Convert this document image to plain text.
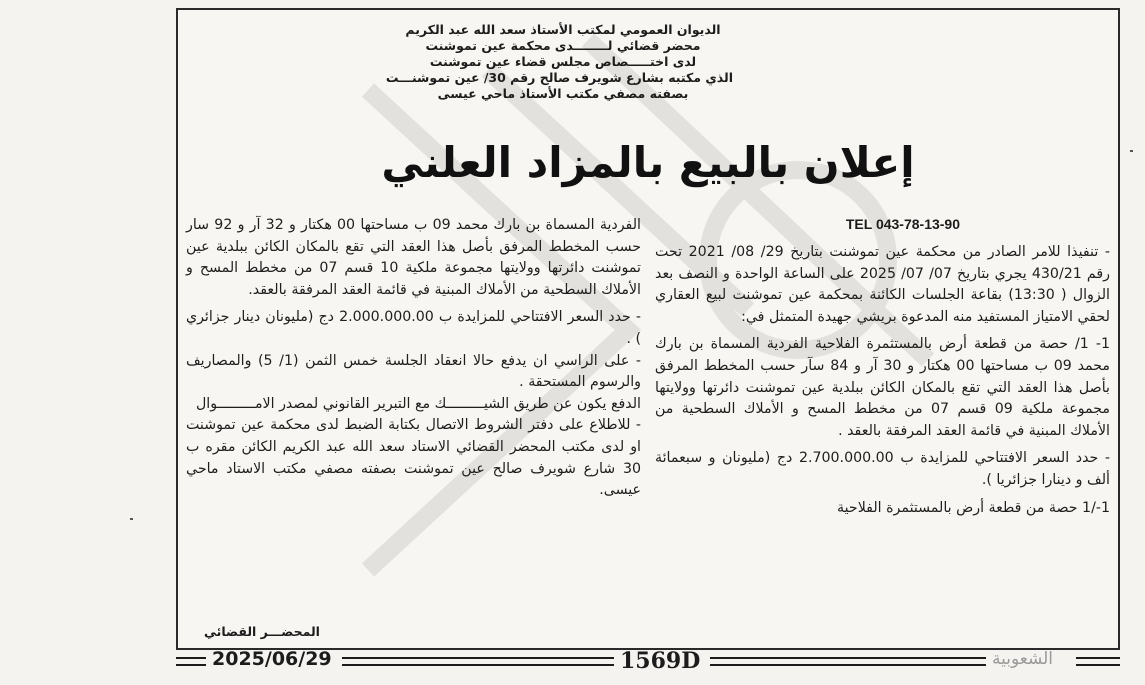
الديوان العمومي لمكتب الأستاذ سعد الله عبد الكريم
محضر قضائي لــــــــدى محكمة عين تموشنت
لدى اختـــــصاص مجلس قضاء عين تموشنت
الذي مكتبه بشارع شويرف صالح رقم 30/ عين تموشنـــت
بصفته مصفي مكتب الأستاذ ماحي عيسى
إعلان بالبيع بالمزاد العلني
TEL 043-78-13-90

- تنفيذا للامر الصادر من محكمة عين تموشنت بتاريخ 29/ 08/ 2021 تحت رقم 430/21 يجري بتاريخ 07/ 07/ 2025 على الساعة الواحدة و النصف بعد الزوال ( 13:30) بقاعة الجلسات الكائنة بمحكمة عين تموشنت لبيع العقاري لحقي الامتياز المستفيد منه المدعوة بريشي جهيدة المتمثل في:

1- 1/ حصة من قطعة أرض بالمستثمرة الفلاحية الفردية المسماة بن بارك محمد 09 ب مساحتها 00 هكتار و 30 آر و 84 سآر حسب المخطط المرفق بأصل هذا العقد التي تقع بالمكان الكائن ببلدية عين تموشنت دائرتها وولايتها مجموعة ملكية 09 قسم 07 من مخطط المسح و الأملاك السطحية من الأملاك المبنية في قائمة العقد المرفقة بالعقد .

- حدد السعر الافتتاحي للمزايدة ب 2.700.000.00 دج (مليونان و سبعمائة ألف و دينارا جزائريا ).

1-/1 حصة من قطعة أرض بالمستثمرة الفلاحية

الفردية المسماة بن بارك محمد 09 ب مساحتها 00 هكتار و 32 آر و 92 سار حسب المخطط المرفق بأصل هذا العقد التي تقع بالمكان الكائن ببلدية عين تموشنت دائرتها وولايتها مجموعة ملكية 10 قسم 07 من مخطط المسح و الأملاك السطحية من الأملاك المبنية في قائمة العقد المرفقة بالعقد.

- حدد السعر الافتتاحي للمزايدة ب 2.000.000.00 دج (مليونان دينار جزائري ) .

- على الراسي ان يدفع حالا انعقاد الجلسة خمس الثمن (1/ 5) والمصاريف والرسوم المستحقة .

الدفع يكون عن طريق الشيـــــــــك مع التبرير القانوني لمصدر الامـــــــــوال

- للاطلاع على دفتر الشروط الاتصال بكتابة الضبط لدى محكمة عين تموشنت او لدى مكتب المحضر القضائي الاستاد سعد الله عبد الكريم الكائن مقره ب 30 شارع شويرف صالح عين تموشنت بصفته مصفي مكتب الاستاد ماحي عيسى.

المحضـــر القضائي
2025/06/29	1569D	الشعوبية
